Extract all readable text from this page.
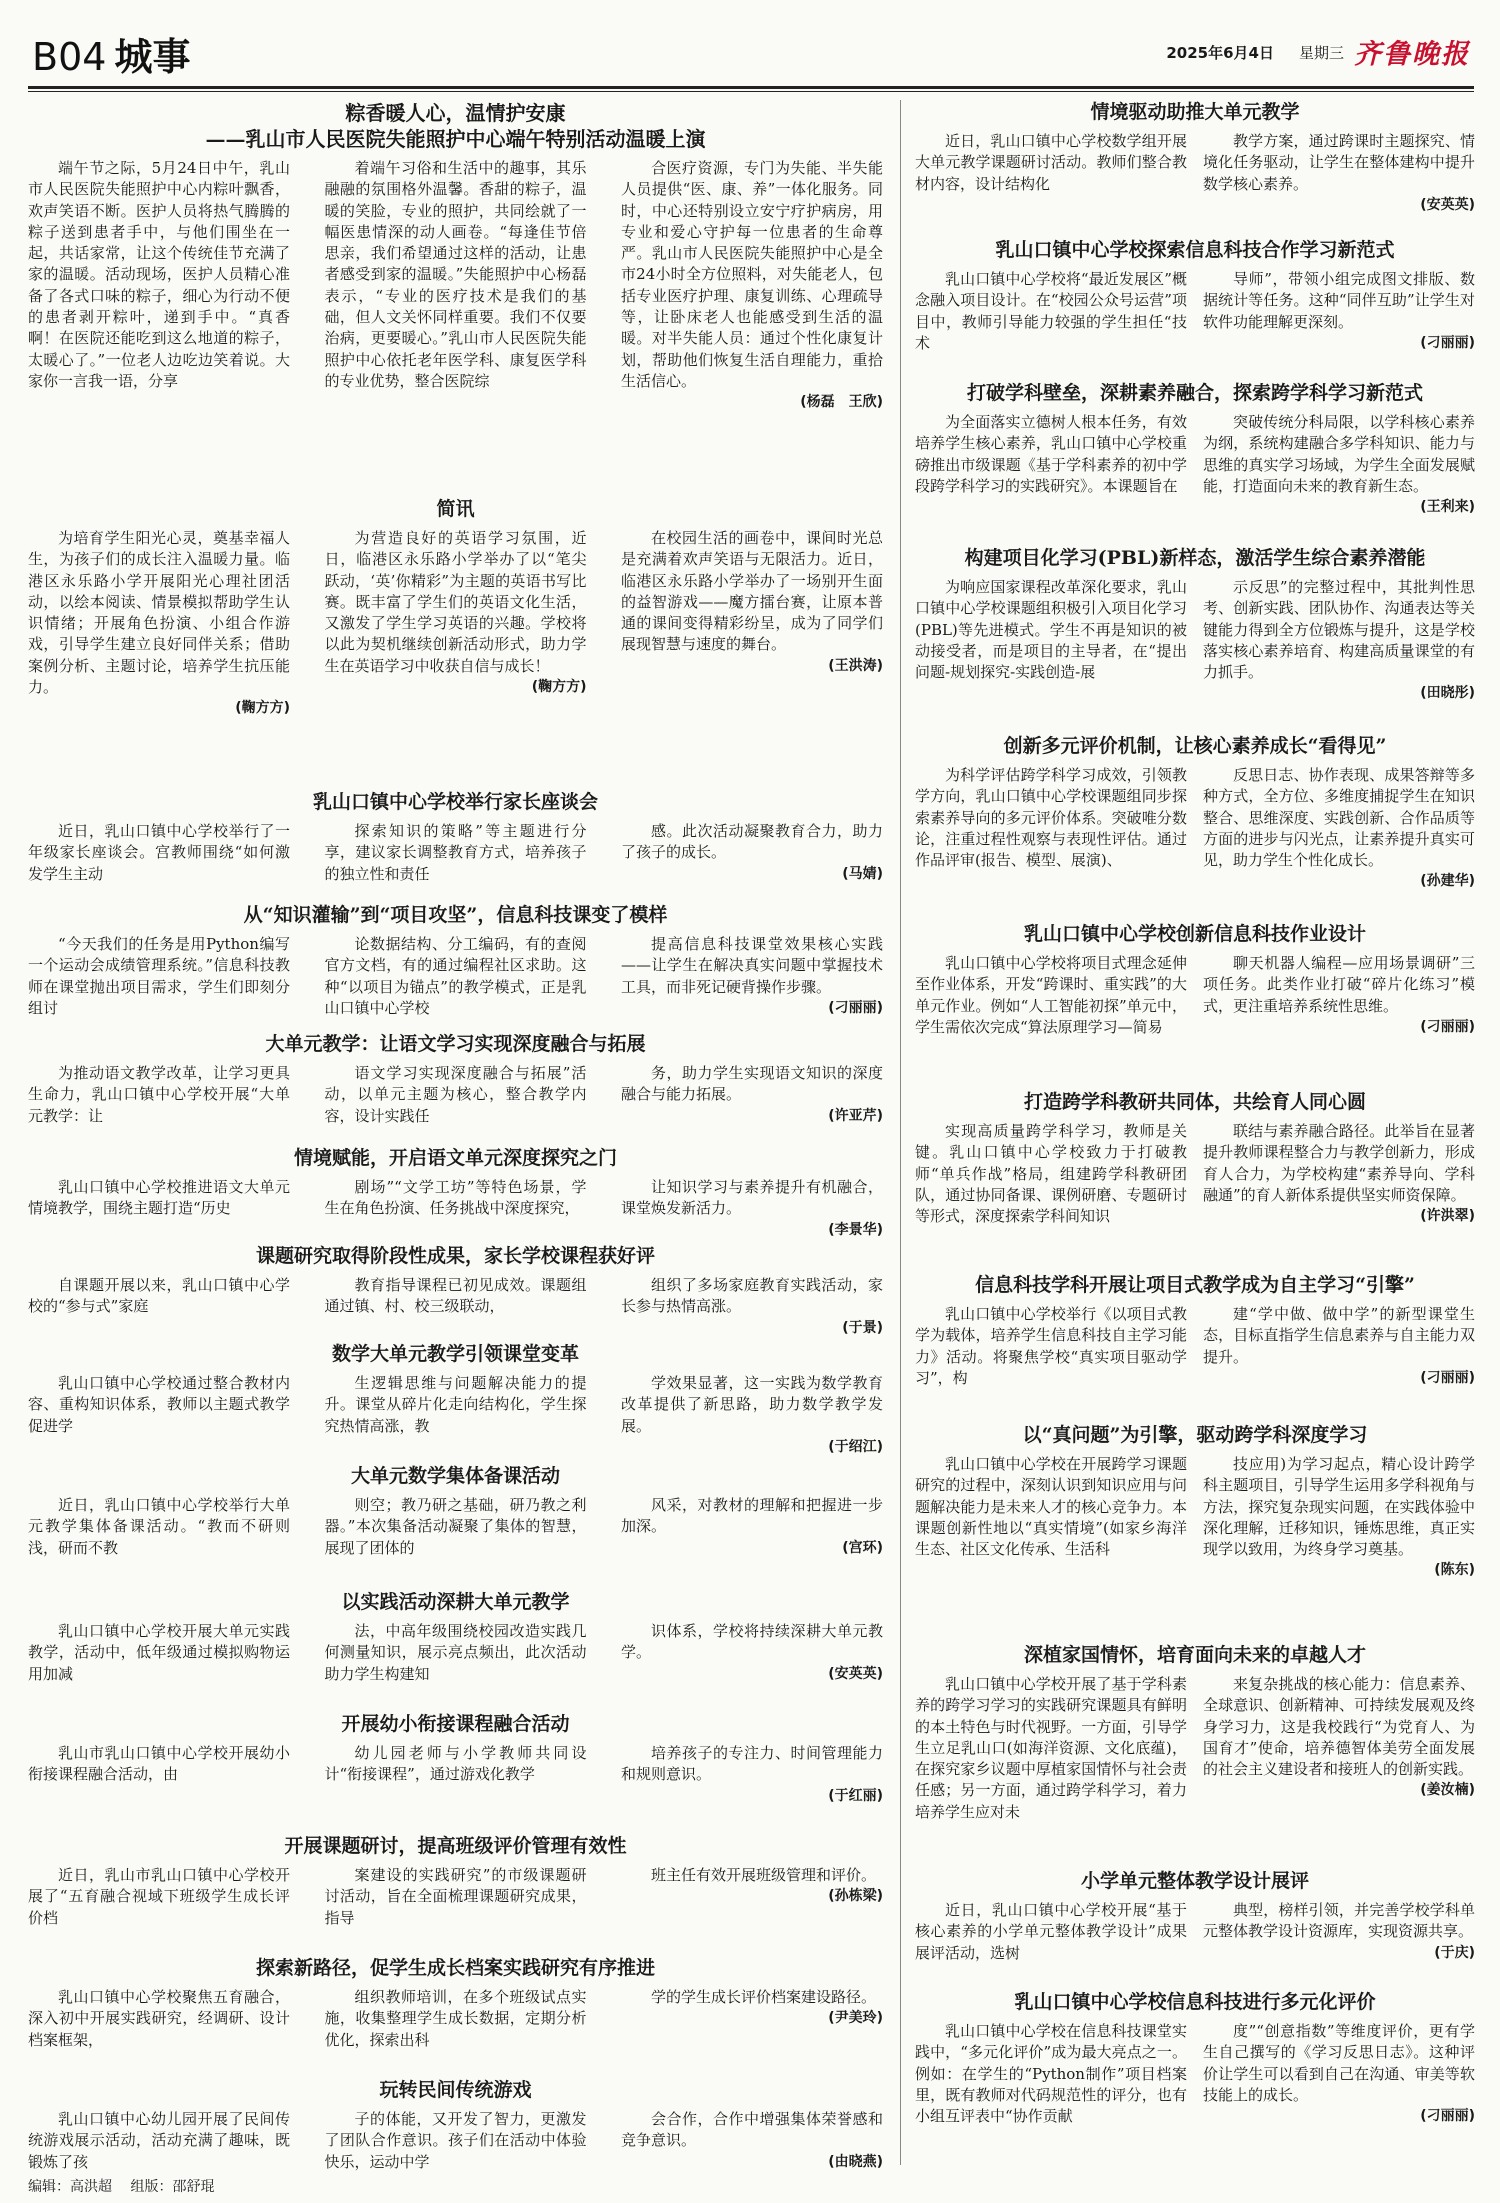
B04 城事	2025年6月4日 星期三 齐鲁晚报
粽香暖人心，温情护安康
——乳山市人民医院失能照护中心端午特别活动温暖上演

端午节之际，5月24日中午，乳山市人民医院失能照护中心内粽叶飘香，欢声笑语不断。医护人员将热气腾腾的粽子送到患者手中，与他们围坐在一起，共话家常，让这个传统佳节充满了家的温暖。活动现场，医护人员精心准备了各式口味的粽子，细心为行动不便的患者剥开粽叶，递到手中。“真香啊！在医院还能吃到这么地道的粽子，太暖心了。”一位老人边吃边笑着说。大家你一言我一语，分享

着端午习俗和生活中的趣事，其乐融融的氛围格外温馨。香甜的粽子，温暖的笑脸，专业的照护，共同绘就了一幅医患情深的动人画卷。“每逢佳节倍思亲，我们希望通过这样的活动，让患者感受到家的温暖。”失能照护中心杨磊表示，“专业的医疗技术是我们的基础，但人文关怀同样重要。我们不仅要治病，更要暖心。”乳山市人民医院失能照护中心依托老年医学科、康复医学科的专业优势，整合医院综

合医疗资源，专门为失能、半失能人员提供“医、康、养”一体化服务。同时，中心还特别设立安宁疗护病房，用专业和爱心守护每一位患者的生命尊严。乳山市人民医院失能照护中心是全市24小时全方位照料，对失能老人，包括专业医疗护理、康复训练、心理疏导等，让卧床老人也能感受到生活的温暖。对半失能人员：通过个性化康复计划，帮助他们恢复生活自理能力，重拾生活信心。

(杨磊　王欣)
简讯

为培育学生阳光心灵，奠基幸福人生，为孩子们的成长注入温暖力量。临港区永乐路小学开展阳光心理社团活动，以绘本阅读、情景模拟帮助学生认识情绪；开展角色扮演、小组合作游戏，引导学生建立良好同伴关系；借助案例分析、主题讨论，培养学生抗压能力。

(鞠方方)

为营造良好的英语学习氛围，近日，临港区永乐路小学举办了以“笔尖跃动，‘英’你精彩”为主题的英语书写比赛。既丰富了学生们的英语文化生活，又激发了学生学习英语的兴趣。学校将以此为契机继续创新活动形式，助力学生在英语学习中收获自信与成长！

(鞠方方)

在校园生活的画卷中，课间时光总是充满着欢声笑语与无限活力。近日，临港区永乐路小学举办了一场别开生面的益智游戏——魔方擂台赛，让原本普通的课间变得精彩纷呈，成为了同学们展现智慧与速度的舞台。

(王洪涛)
乳山口镇中心学校举行家长座谈会

近日，乳山口镇中心学校举行了一年级家长座谈会。宫教师围绕“如何激发学生主动

探索知识的策略”等主题进行分享，建议家长调整教育方式，培养孩子的独立性和责任

感。此次活动凝聚教育合力，助力了孩子的成长。

(马婧)
从“知识灌输”到“项目攻坚”，信息科技课变了模样

“今天我们的任务是用Python编写一个运动会成绩管理系统。”信息科技教师在课堂抛出项目需求，学生们即刻分组讨

论数据结构、分工编码，有的查阅官方文档，有的通过编程社区求助。这种“以项目为锚点”的教学模式，正是乳山口镇中心学校

提高信息科技课堂效果核心实践——让学生在解决真实问题中掌握技术工具，而非死记硬背操作步骤。

(刁丽丽)
大单元教学：让语文学习实现深度融合与拓展

为推动语文教学改革，让学习更具生命力，乳山口镇中心学校开展“大单元教学：让

语文学习实现深度融合与拓展”活动，以单元主题为核心，整合教学内容，设计实践任

务，助力学生实现语文知识的深度融合与能力拓展。

(许亚芹)
情境赋能，开启语文单元深度探究之门

乳山口镇中心学校推进语文大单元情境教学，围绕主题打造“历史

剧场”“文学工坊”等特色场景，学生在角色扮演、任务挑战中深度探究，

让知识学习与素养提升有机融合，课堂焕发新活力。

(李景华)
课题研究取得阶段性成果，家长学校课程获好评

自课题开展以来，乳山口镇中心学校的“参与式”家庭

教育指导课程已初见成效。课题组通过镇、村、校三级联动，

组织了多场家庭教育实践活动，家长参与热情高涨。

(于景)
数学大单元教学引领课堂变革

乳山口镇中心学校通过整合教材内容、重构知识体系，教师以主题式教学促进学

生逻辑思维与问题解决能力的提升。课堂从碎片化走向结构化，学生探究热情高涨，教

学效果显著，这一实践为数学教育改革提供了新思路，助力数学教学发展。

(于绍江)
大单元数学集体备课活动

近日，乳山口镇中心学校举行大单元教学集体备课活动。“教而不研则浅，研而不教

则空；教乃研之基础，研乃教之利器。”本次集备活动凝聚了集体的智慧，展现了团体的

风采，对教材的理解和把握进一步加深。

(宫环)
以实践活动深耕大单元教学

乳山口镇中心学校开展大单元实践教学，活动中，低年级通过模拟购物运用加减

法，中高年级围绕校园改造实践几何测量知识，展示亮点频出，此次活动助力学生构建知

识体系，学校将持续深耕大单元教学。

(安英英)
开展幼小衔接课程融合活动

乳山市乳山口镇中心学校开展幼小衔接课程融合活动，由

幼儿园老师与小学教师共同设计“衔接课程”，通过游戏化教学

培养孩子的专注力、时间管理能力和规则意识。

(于红丽)
开展课题研讨，提高班级评价管理有效性

近日，乳山市乳山口镇中心学校开展了“五育融合视域下班级学生成长评价档

案建设的实践研究”的市级课题研讨活动，旨在全面梳理课题研究成果，指导

班主任有效开展班级管理和评价。

(孙栋梁)
探索新路径，促学生成长档案实践研究有序推进

乳山口镇中心学校聚焦五育融合，深入初中开展实践研究，经调研、设计档案框架，

组织教师培训，在多个班级试点实施，收集整理学生成长数据，定期分析优化，探索出科

学的学生成长评价档案建设路径。

(尹美玲)
玩转民间传统游戏

乳山口镇中心幼儿园开展了民间传统游戏展示活动，活动充满了趣味，既锻炼了孩

子的体能，又开发了智力，更激发了团队合作意识。孩子们在活动中体验快乐，运动中学

会合作，合作中增强集体荣誉感和竞争意识。

(由晓燕)
情境驱动助推大单元教学

近日，乳山口镇中心学校数学组开展大单元教学课题研讨活动。教师们整合教材内容，设计结构化

教学方案，通过跨课时主题探究、情境化任务驱动，让学生在整体建构中提升数学核心素养。

(安英英)
乳山口镇中心学校探索信息科技合作学习新范式

乳山口镇中心学校将“最近发展区”概念融入项目设计。在“校园公众号运营”项目中，教师引导能力较强的学生担任“技术

导师”，带领小组完成图文排版、数据统计等任务。这种“同伴互助”让学生对软件功能理解更深刻。

(刁丽丽)
打破学科壁垒，深耕素养融合，探索跨学科学习新范式

为全面落实立德树人根本任务，有效培养学生核心素养，乳山口镇中心学校重磅推出市级课题《基于学科素养的初中学段跨学科学习的实践研究》。本课题旨在

突破传统分科局限，以学科核心素养为纲，系统构建融合多学科知识、能力与思维的真实学习场域，为学生全面发展赋能，打造面向未来的教育新生态。

(王利来)
构建项目化学习(PBL)新样态，激活学生综合素养潜能

为响应国家课程改革深化要求，乳山口镇中心学校课题组积极引入项目化学习(PBL)等先进模式。学生不再是知识的被动接受者，而是项目的主导者，在“提出问题-规划探究-实践创造-展

示反思”的完整过程中，其批判性思考、创新实践、团队协作、沟通表达等关键能力得到全方位锻炼与提升，这是学校落实核心素养培育、构建高质量课堂的有力抓手。

(田晓彤)
创新多元评价机制，让核心素养成长“看得见”

为科学评估跨学科学习成效，引领教学方向，乳山口镇中心学校课题组同步探索素养导向的多元评价体系。突破唯分数论，注重过程性观察与表现性评估。通过作品评审(报告、模型、展演)、

反思日志、协作表现、成果答辩等多种方式，全方位、多维度捕捉学生在知识整合、思维深度、实践创新、合作品质等方面的进步与闪光点，让素养提升真实可见，助力学生个性化成长。

(孙建华)
乳山口镇中心学校创新信息科技作业设计

乳山口镇中心学校将项目式理念延伸至作业体系，开发“跨课时、重实践”的大单元作业。例如“人工智能初探”单元中，学生需依次完成“算法原理学习—简易

聊天机器人编程—应用场景调研”三项任务。此类作业打破“碎片化练习”模式，更注重培养系统性思维。

(刁丽丽)
打造跨学科教研共同体，共绘育人同心圆

实现高质量跨学科学习，教师是关键。乳山口镇中心学校致力于打破教师“单兵作战”格局，组建跨学科教研团队，通过协同备课、课例研磨、专题研讨等形式，深度探索学科间知识

联结与素养融合路径。此举旨在显著提升教师课程整合力与教学创新力，形成育人合力，为学校构建“素养导向、学科融通”的育人新体系提供坚实师资保障。

(许洪翠)
信息科技学科开展让项目式教学成为自主学习“引擎”

乳山口镇中心学校举行《以项目式教学为载体，培养学生信息科技自主学习能力》活动。将聚焦学校“真实项目驱动学习”，构

建“学中做、做中学”的新型课堂生态，目标直指学生信息素养与自主能力双提升。

(刁丽丽)
以“真问题”为引擎，驱动跨学科深度学习

乳山口镇中心学校在开展跨学习课题研究的过程中，深刻认识到知识应用与问题解决能力是未来人才的核心竞争力。本课题创新性地以“真实情境”(如家乡海洋生态、社区文化传承、生活科

技应用)为学习起点，精心设计跨学科主题项目，引导学生运用多学科视角与方法，探究复杂现实问题，在实践体验中深化理解，迁移知识，锤炼思维，真正实现学以致用，为终身学习奠基。

(陈东)
深植家国情怀，培育面向未来的卓越人才

乳山口镇中心学校开展了基于学科素养的跨学习学习的实践研究课题具有鲜明的本土特色与时代视野。一方面，引导学生立足乳山口(如海洋资源、文化底蕴)，在探究家乡议题中厚植家国情怀与社会责任感；另一方面，通过跨学科学习，着力培养学生应对未

来复杂挑战的核心能力：信息素养、全球意识、创新精神、可持续发展观及终身学习力，这是我校践行“为党育人、为国育才”使命，培养德智体美劳全面发展的社会主义建设者和接班人的创新实践。

(姜汝楠)
小学单元整体教学设计展评

近日，乳山口镇中心学校开展“基于核心素养的小学单元整体教学设计”成果展评活动，选树

典型，榜样引领，并完善学校学科单元整体教学设计资源库，实现资源共享。

(于庆)
乳山口镇中心学校信息科技进行多元化评价

乳山口镇中心学校在信息科技课堂实践中，“多元化评价”成为最大亮点之一。例如：在学生的“Python制作”项目档案里，既有教师对代码规范性的评分，也有小组互评表中“协作贡献

度”“创意指数”等维度评价，更有学生自己撰写的《学习反思日志》。这种评价让学生可以看到自己在沟通、审美等软技能上的成长。

(刁丽丽)
编辑：高洪超 组版：邵舒琨
